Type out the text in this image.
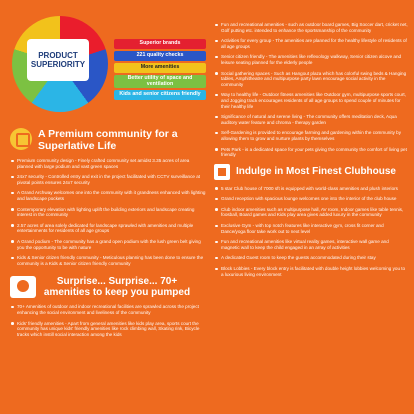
PRODUCT SUPERIORITY
Superior brands
221 quality checks
More amenities
Better utility of space and ventilation
Kids and senior citizens friendly
A Premium community for a Superlative Life
Premium community design - Finely crafted community set amidst 3.35 acres of area planned with large podium and vast green spaces
24x7 security - Controlled entry and exit in the project facilitated with CCTV surveillance at pivotal points ensures 24x7 security
A Grand Archway welcomes one into the community with it grandness enhanced with lighting and landscape pockets
Contemporary elevation with lighting uplift the building exteriors and landscape creating interest in the community
2.57 acres of area solely dedicated for landscape sprawled with amenities and multiple entertainments for residents of all age groups
A Grand podium - The community has a grand open podium with the lush green belt giving you the opportunity to be with nature
Kids & Senior citizen friendly community - Meticulous planning has been done to ensure the community is a Kids & Senior citizen friendly community
Surprise... Surprise... 70+ amenities to keep you pumped
70+ Amenities of outdoor and indoor recreational facilities are sprawled across the project enhancing the social environment and liveliness of the community
Kids' friendly amenities - Apart from general amenities like kids play area, sports court the community has unique kids' friendly amenities like rock climbing wall, Skating rink, Bicycle tracks which instill social interaction among the kids
Fun and recreational amenities - such as outdoor board games, Big Soccer dart, cricket net, Golf putting etc. intended to enhance the sportsmanship of the community
Activities for every group - The amenities are planned for the healthy lifestyle of residents of all age groups
Senior citizen friendly - The amenities like reflexology walkway, Senior citizen alcove and leisure seating planned for the elderly people
Social gathering spaces - Such as Hangout plaza which has colorful swing beds & Hanging tables, Amphitheatre and multipurpose party lawn encourage social activity in the community
Way to healthy life - Outdoor fitness amenities like Outdoor gym, multipurpose sports court, and Jogging track encourages residents of all age groups to spend couple of minutes for their healthy life
Significance of natural and serene living - The community offers meditation deck, Aqua auditory water feature and chroma - therapy garden
Self-Gardening is provided to encourage farming and gardening within the community by allowing them to grow and nurture plants by themselves
Pets Park - is a dedicated space for your pets giving the community the comfort of living pet friendly
Indulge in Most Finest Clubhouse
5 star Club house of 7000 sft is equipped with world-class amenities and plush interiors
Grand reception with spacious lounge welcomes one into the interior of the club house
Club indoor amenities such as multipurpose hall, AV room, Indoor games like table tennis, foosball, Board games and Kids play area gives added luxury in the community
Exclusive Gym - with top notch features like interactive gym, cross fit corner and Dance/yoga floor take work out to next level
Fun and recreational amenities like virtual reality games, interactive wall game and magnetic wall to keep the child engaged in an array of activities
A dedicated Guest room to keep the guests accommodated during their stay
Block Lobbies - Every block entry is facilitated with double height lobbies welcoming you to a luxurious living environment
